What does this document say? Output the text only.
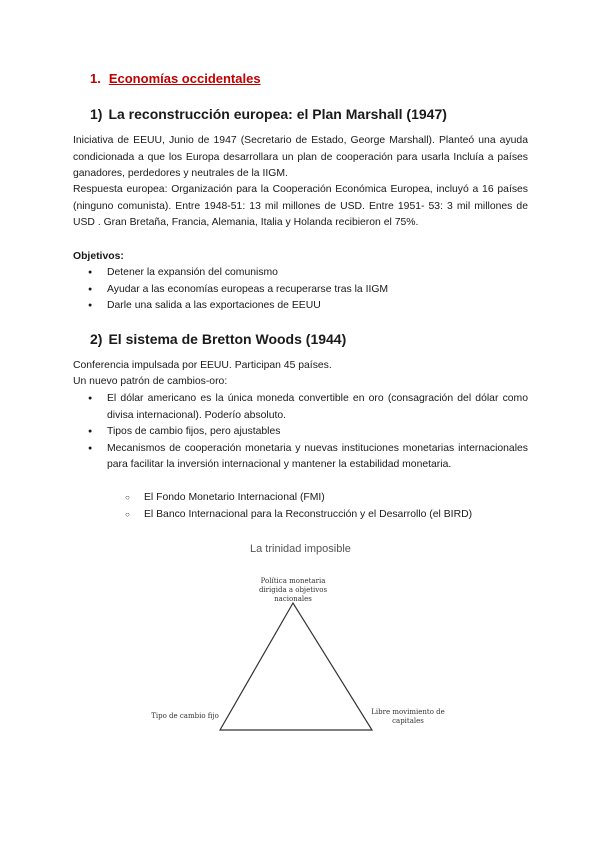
1. Economías occidentales
1) La reconstrucción europea: el Plan Marshall (1947)

Iniciativa de EEUU, Junio de 1947 (Secretario de Estado, George Marshall). Planteó una ayuda condicionada a que los Europa desarrollara un plan de cooperación para usarla Incluía a países ganadores, perdedores y neutrales de la IIGM.

Respuesta europea: Organización para la Cooperación Económica Europea, incluyó a 16 países (ninguno comunista). Entre 1948-51: 13 mil millones de USD. Entre 1951- 53: 3 mil millones de USD . Gran Bretaña, Francia, Alemania, Italia y Holanda recibieron el 75%.

Objetivos:
● Detener la expansión del comunismo
● Ayudar a las economías europeas a recuperarse tras la IIGM
● Darle una salida a las exportaciones de EEUU
2) El sistema de Bretton Woods (1944)

Conferencia impulsada por EEUU. Participan 45 países.

Un nuevo patrón de cambios-oro:

● El dólar americano es la única moneda convertible en oro (consagración del dólar como divisa internacional). Poderío absoluto.
● Tipos de cambio fijos, pero ajustables
● Mecanismos de cooperación monetaria y nuevas instituciones monetarias internacionales para facilitar la inversión internacional y mantener la estabilidad monetaria.
○ El Fondo Monetario Internacional (FMI)
○ El Banco Internacional para la Reconstrucción y el Desarrollo (el BIRD)
La trinidad imposible
Política monetaria dirigida a objetivos nacionales
Tipo de cambio fijo	Libre movimiento de capitales
